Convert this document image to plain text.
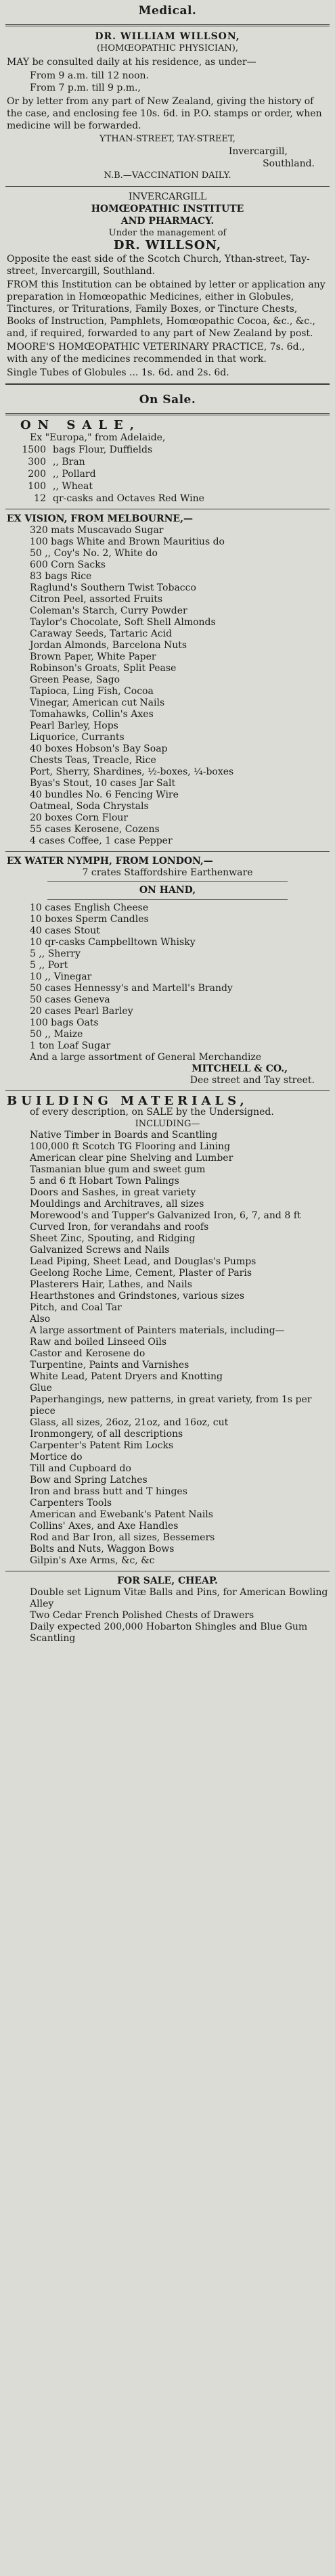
Medical.
DR. WILLIAM WILLSON,
(HOMŒOPATHIC PHYSICIAN),
MAY be consulted daily at his residence, as under—
From 9 a.m. till 12 noon.
From 7 p.m. till 9 p.m.,
Or by letter from any part of New Zealand, giving the history of the case, and enclosing fee 10s. 6d. in P.O. stamps or order, when medicine will be forwarded.
YTHAN-STREET, TAY-STREET,
Invercargill,
Southland.
N.B.—VACCINATION DAILY.
INVERCARGILL
HOMŒOPATHIC INSTITUTE
AND PHARMACY.
Under the management of
DR. WILLSON,
Opposite the east side of the Scotch Church, Ythan-street, Tay-street, Invercargill, Southland.
FROM this Institution can be obtained by letter or application any preparation in Homœopathic Medicines, either in Globules, Tinctures, or Triturations, Family Boxes, or Tincture Chests, Books of Instruction, Pamphlets, Homœopathic Cocoa, &c., &c., and, if required, forwarded to any part of New Zealand by post.
MOORE'S HOMŒOPATHIC VETERINARY PRACTICE, 7s. 6d., with any of the medicines recommended in that work.
Single Tubes of Globules ... 1s. 6d. and 2s. 6d.
On Sale.
ON SALE,
Ex "Europa," from Adelaide,
1500 bags Flour, Duffields
300 ,, Bran
200 ,, Pollard
100 ,, Wheat
12 qr-casks and Octaves Red Wine
EX VISION, FROM MELBOURNE,—
320 mats Muscavado Sugar
100 bags White and Brown Mauritius do
50 ,, Coy's No. 2, White do
600 Corn Sacks
83 bags Rice
Raglund's Southern Twist Tobacco
Citron Peel, assorted Fruits
Coleman's Starch, Curry Powder
Taylor's Chocolate, Soft Shell Almonds
Caraway Seeds, Tartaric Acid
Jordan Almonds, Barcelona Nuts
Brown Paper, White Paper
Robinson's Groats, Split Pease
Green Pease, Sago
Tapioca, Ling Fish, Cocoa
Vinegar, American cut Nails
Tomahawks, Collin's Axes
Pearl Barley, Hops
Liquorice, Currants
40 boxes Hobson's Bay Soap
Chests Teas, Treacle, Rice
Port, Sherry, Shardines, ½-boxes, ¼-boxes
Byas's Stout, 10 cases Jar Salt
40 bundles No. 6 Fencing Wire
Oatmeal, Soda Chrystals
20 boxes Corn Flour
55 cases Kerosene, Cozens
4 cases Coffee, 1 case Pepper
EX WATER NYMPH, FROM LONDON,—
7 crates Staffordshire Earthenware
ON HAND,
10 cases English Cheese
10 boxes Sperm Candles
40 cases Stout
10 qr-casks Campbelltown Whisky
5 ,, Sherry
5 ,, Port
10 ,, Vinegar
50 cases Hennessy's and Martell's Brandy
50 cases Geneva
20 cases Pearl Barley
100 bags Oats
50 ,, Maize
1 ton Loaf Sugar
And a large assortment of General Merchandize
MITCHELL & CO.,
Dee street and Tay street.
BUILDING MATERIALS,
of every description, on SALE by the Undersigned.
INCLUDING—
Native Timber in Boards and Scantling
100,000 ft Scotch TG Flooring and Lining
American clear pine Shelving and Lumber
Tasmanian blue gum and sweet gum
5 and 6 ft Hobart Town Palings
Doors and Sashes, in great variety
Mouldings and Architraves, all sizes
Morewood's and Tupper's Galvanized Iron, 6, 7, and 8 ft
Curved Iron, for verandahs and roofs
Sheet Zinc, Spouting, and Ridging
Galvanized Screws and Nails
Lead Piping, Sheet Lead, and Douglas's Pumps
Geelong Roche Lime, Cement, Plaster of Paris
Plasterers Hair, Lathes, and Nails
Hearthstones and Grindstones, various sizes
Pitch, and Coal Tar
Also
A large assortment of Painters materials, including—
Raw and boiled Linseed Oils
Castor and Kerosene do
Turpentine, Paints and Varnishes
White Lead, Patent Dryers and Knotting
Glue
Paperhangings, new patterns, in great variety, from 1s per piece
Glass, all sizes, 26oz, 21oz, and 16oz, cut
Ironmongery, of all descriptions
Carpenter's Patent Rim Locks
Mortice do
Till and Cupboard do
Bow and Spring Latches
Iron and brass butt and T hinges
Carpenters Tools
American and Ewebank's Patent Nails
Collins' Axes, and Axe Handles
Rod and Bar Iron, all sizes, Bessemers
Bolts and Nuts, Waggon Bows
Gilpin's Axe Arms, &c, &c
FOR SALE, CHEAP.
Double set Lignum Vitæ Balls and Pins, for American Bowling Alley
Two Cedar French Polished Chests of Drawers
Daily expected 200,000 Hobarton Shingles and Blue Gum Scantling
